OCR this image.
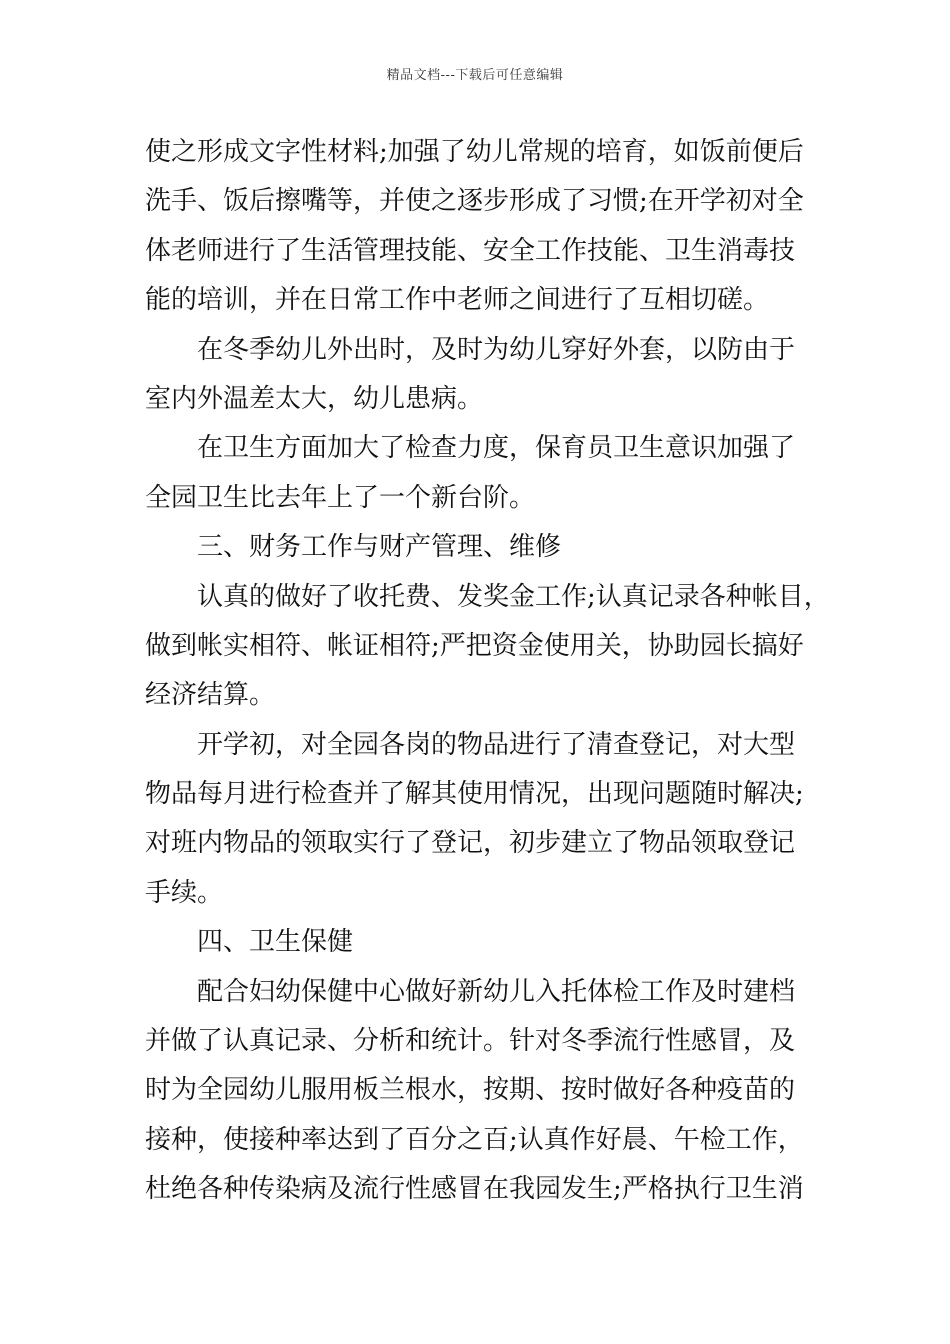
精品文档---下载后可任意编辑
使之形成文字性材料;加强了幼儿常规的培育，如饭前便后
洗手、饭后擦嘴等，并使之逐步形成了习惯;在开学初对全
体老师进行了生活管理技能、安全工作技能、卫生消毒技
能的培训，并在日常工作中老师之间进行了互相切磋。
在冬季幼儿外出时，及时为幼儿穿好外套，以防由于
室内外温差太大，幼儿患病。
在卫生方面加大了检查力度，保育员卫生意识加强了
全园卫生比去年上了一个新台阶。
三、财务工作与财产管理、维修
认真的做好了收托费、发奖金工作;认真记录各种帐目，
做到帐实相符、帐证相符;严把资金使用关，协助园长搞好
经济结算。
开学初，对全园各岗的物品进行了清查登记，对大型
物品每月进行检查并了解其使用情况，出现问题随时解决;
对班内物品的领取实行了登记，初步建立了物品领取登记
手续。
四、卫生保健
配合妇幼保健中心做好新幼儿入托体检工作及时建档
并做了认真记录、分析和统计。针对冬季流行性感冒，及
时为全园幼儿服用板兰根水，按期、按时做好各种疫苗的
接种，使接种率达到了百分之百;认真作好晨、午检工作，
杜绝各种传染病及流行性感冒在我园发生;严格执行卫生消
